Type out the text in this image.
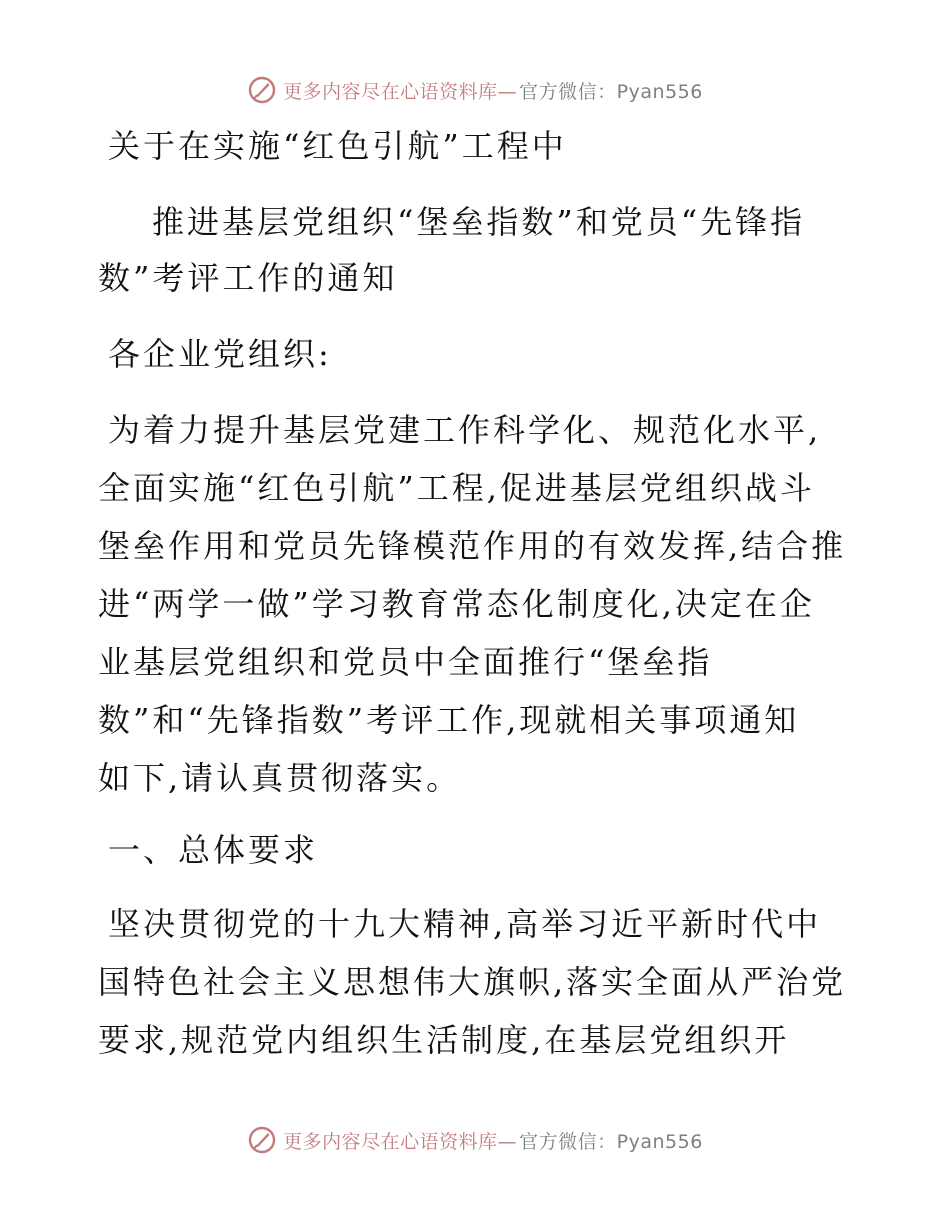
更多内容尽在心语资料库— 官方微信：Pyan556
关于在实施“红色引航”工程中
推进基层党组织“堡垒指数”和党员“先锋指
数”考评工作的通知
各企业党组织:
为着力提升基层党建工作科学化、规范化水平,
全面实施“红色引航”工程,促进基层党组织战斗
堡垒作用和党员先锋模范作用的有效发挥,结合推
进“两学一做”学习教育常态化制度化,决定在企
业基层党组织和党员中全面推行“堡垒指
数”和“先锋指数”考评工作,现就相关事项通知
如下,请认真贯彻落实。
一、总体要求
坚决贯彻党的十九大精神,高举习近平新时代中
国特色社会主义思想伟大旗帜,落实全面从严治党
要求,规范党内组织生活制度,在基层党组织开
更多内容尽在心语资料库— 官方微信：Pyan556
